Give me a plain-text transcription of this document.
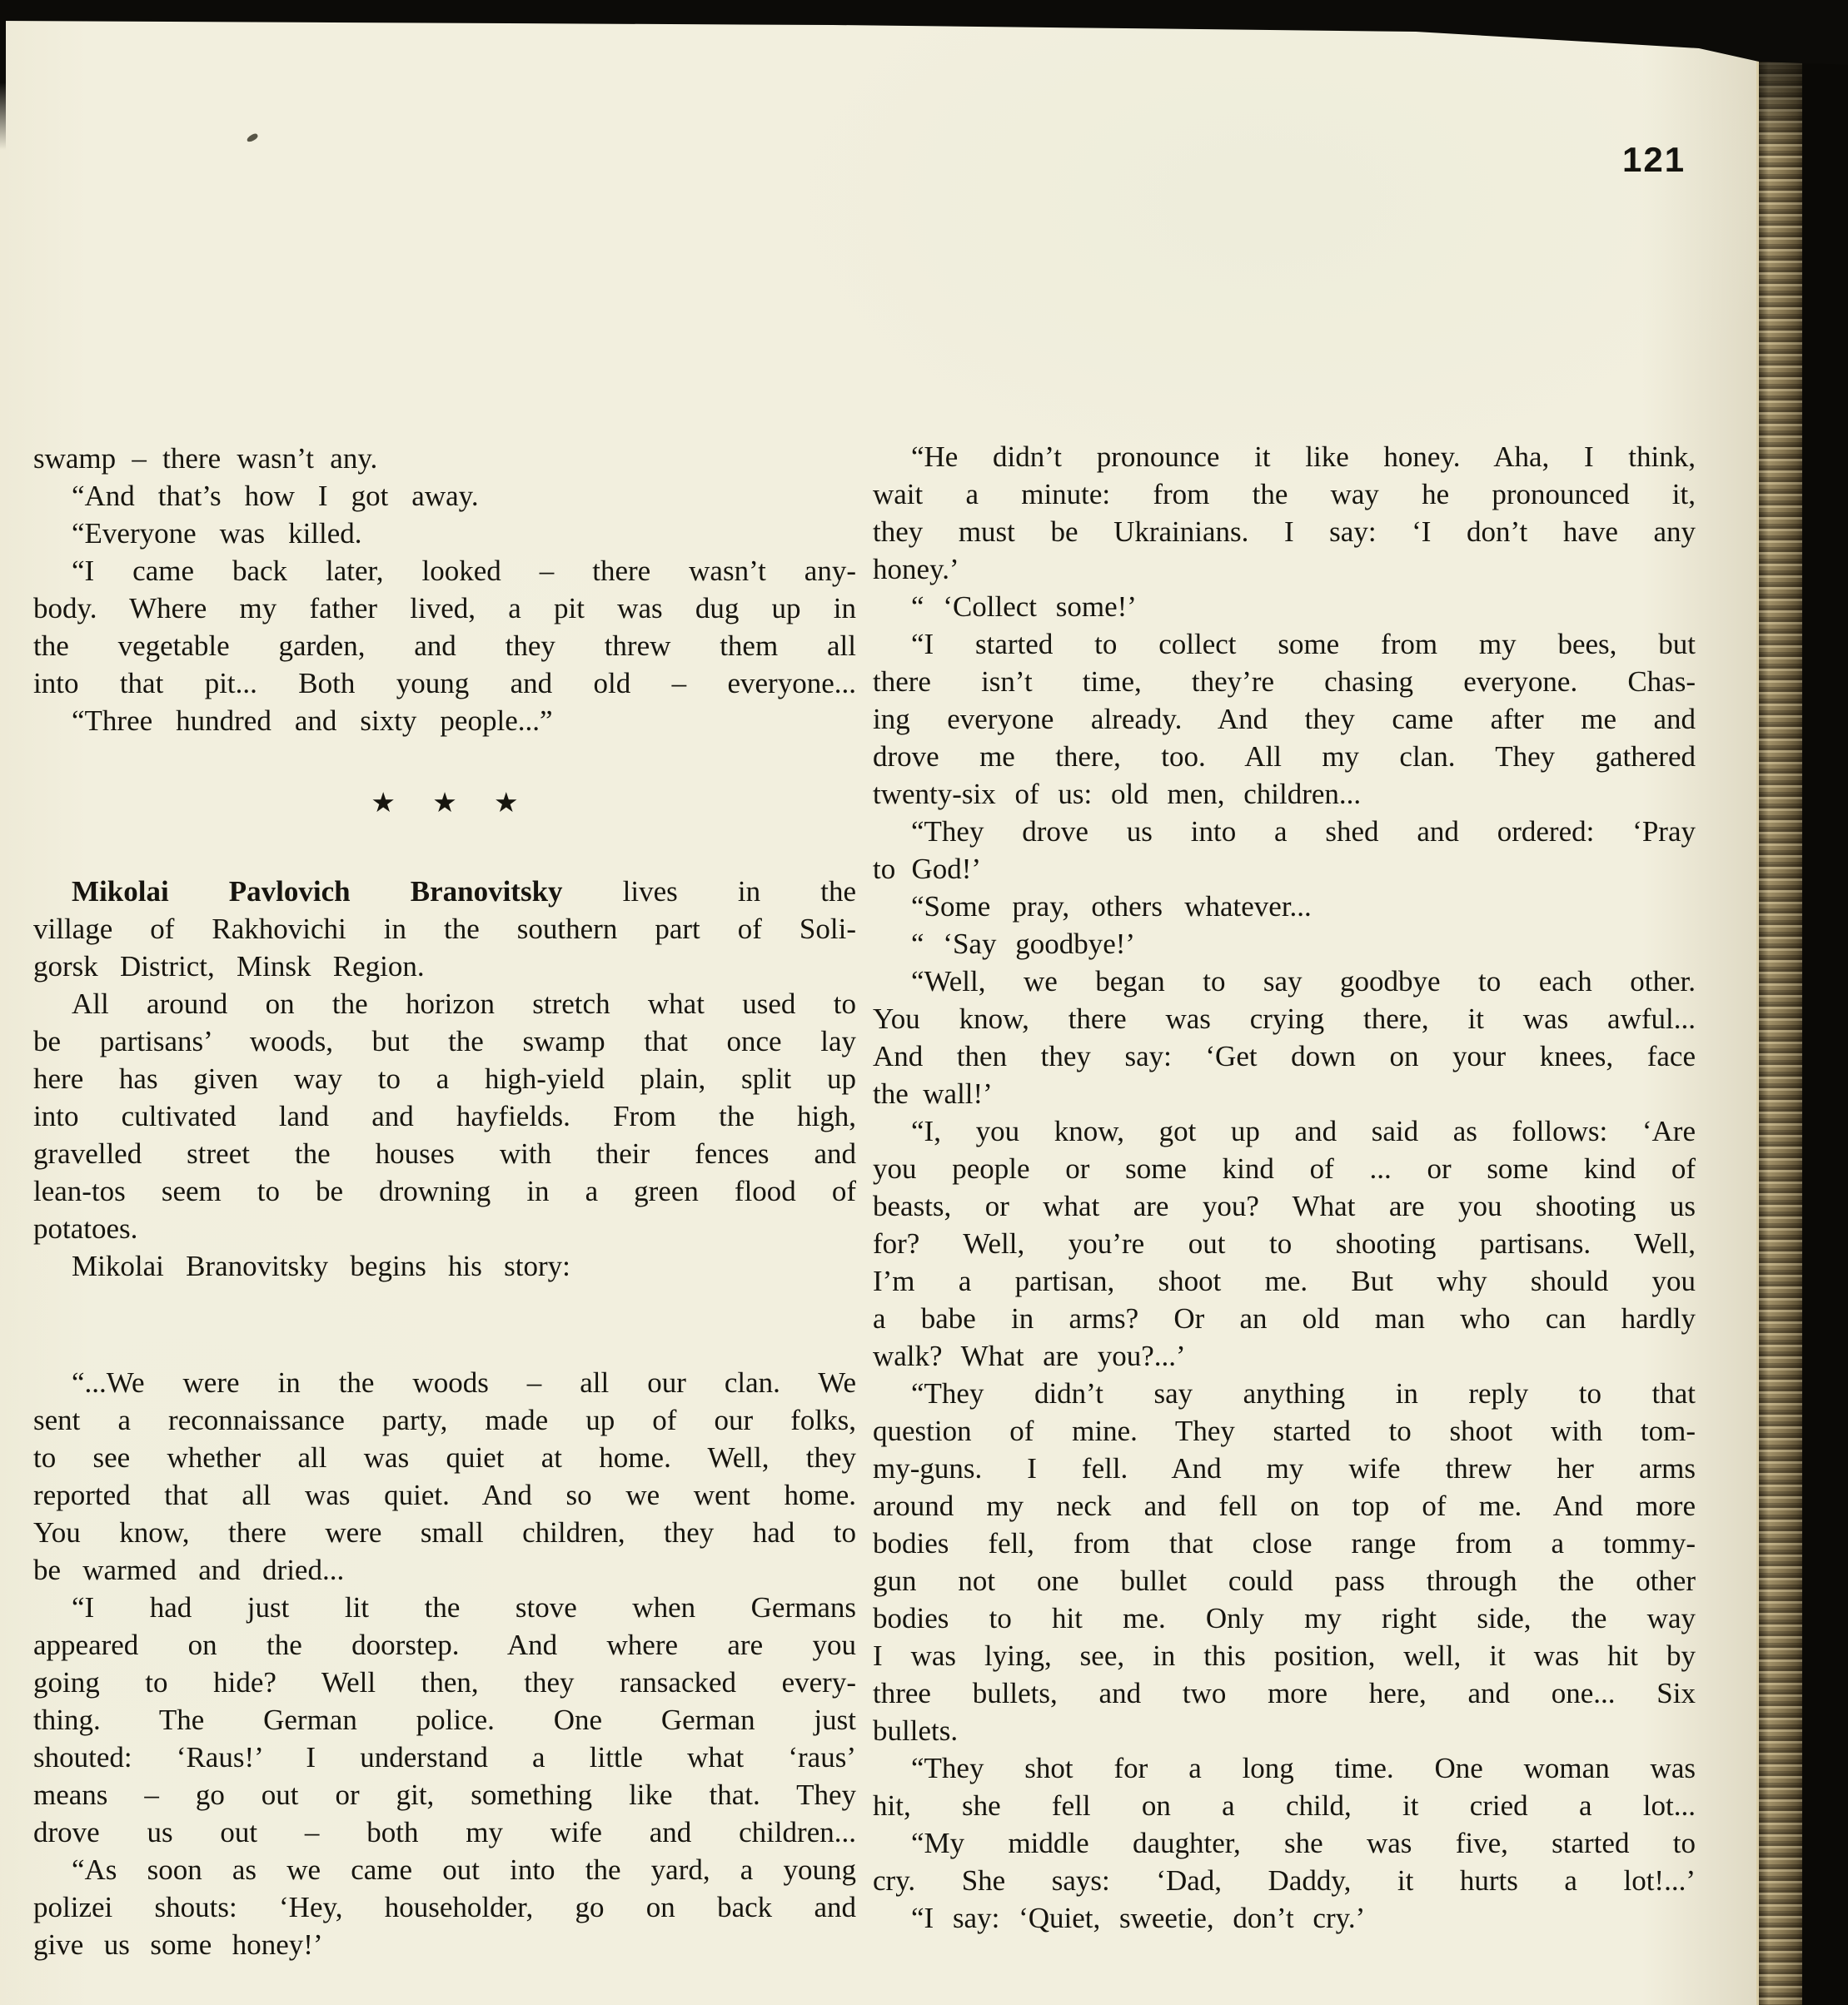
121
swamp – there wasn’t any.
“And that’s how I got away.
“Everyone was killed.
“I came back later, looked – there wasn’t any-
body. Where my father lived, a pit was dug up in
the vegetable garden, and they threw them all
into that pit... Both young and old – everyone...
“Three hundred and sixty people...”
★ ★ ★
Mikolai Pavlovich Branovitsky lives in the
village of Rakhovichi in the southern part of Soli-
gorsk District, Minsk Region.
All around on the horizon stretch what used to
be partisans’ woods, but the swamp that once lay
here has given way to a high-yield plain, split up
into cultivated land and hayfields. From the high,
gravelled street the houses with their fences and
lean-tos seem to be drowning in a green flood of
potatoes.
Mikolai Branovitsky begins his story:
“...We were in the woods – all our clan. We
sent a reconnaissance party, made up of our folks,
to see whether all was quiet at home. Well, they
reported that all was quiet. And so we went home.
You know, there were small children, they had to
be warmed and dried...
“I had just lit the stove when Germans
appeared on the doorstep. And where are you
going to hide? Well then, they ransacked every-
thing. The German police. One German just
shouted: ‘Raus!’ I understand a little what ‘raus’
means – go out or git, something like that. They
drove us out – both my wife and children...
“As soon as we came out into the yard, a young
polizei shouts: ‘Hey, householder, go on back and
give us some honey!’
“He didn’t pronounce it like honey. Aha, I think,
wait a minute: from the way he pronounced it,
they must be Ukrainians. I say: ‘I don’t have any
honey.’
“ ‘Collect some!’
“I started to collect some from my bees, but
there isn’t time, they’re chasing everyone. Chas-
ing everyone already. And they came after me and
drove me there, too. All my clan. They gathered
twenty-six of us: old men, children...
“They drove us into a shed and ordered: ‘Pray
to God!’
“Some pray, others whatever...
“ ‘Say goodbye!’
“Well, we began to say goodbye to each other.
You know, there was crying there, it was awful...
And then they say: ‘Get down on your knees, face
the wall!’
“I, you know, got up and said as follows: ‘Are
you people or some kind of ... or some kind of
beasts, or what are you? What are you shooting us
for? Well, you’re out to shooting partisans. Well,
I’m a partisan, shoot me. But why should you
a babe in arms? Or an old man who can hardly
walk? What are you?...’
“They didn’t say anything in reply to that
question of mine. They started to shoot with tom-
my-guns. I fell. And my wife threw her arms
around my neck and fell on top of me. And more
bodies fell, from that close range from a tommy-
gun not one bullet could pass through the other
bodies to hit me. Only my right side, the way
I was lying, see, in this position, well, it was hit by
three bullets, and two more here, and one... Six
bullets.
“They shot for a long time. One woman was
hit, she fell on a child, it cried a lot...
“My middle daughter, she was five, started to
cry. She says: ‘Dad, Daddy, it hurts a lot!...’
“I say: ‘Quiet, sweetie, don’t cry.’
